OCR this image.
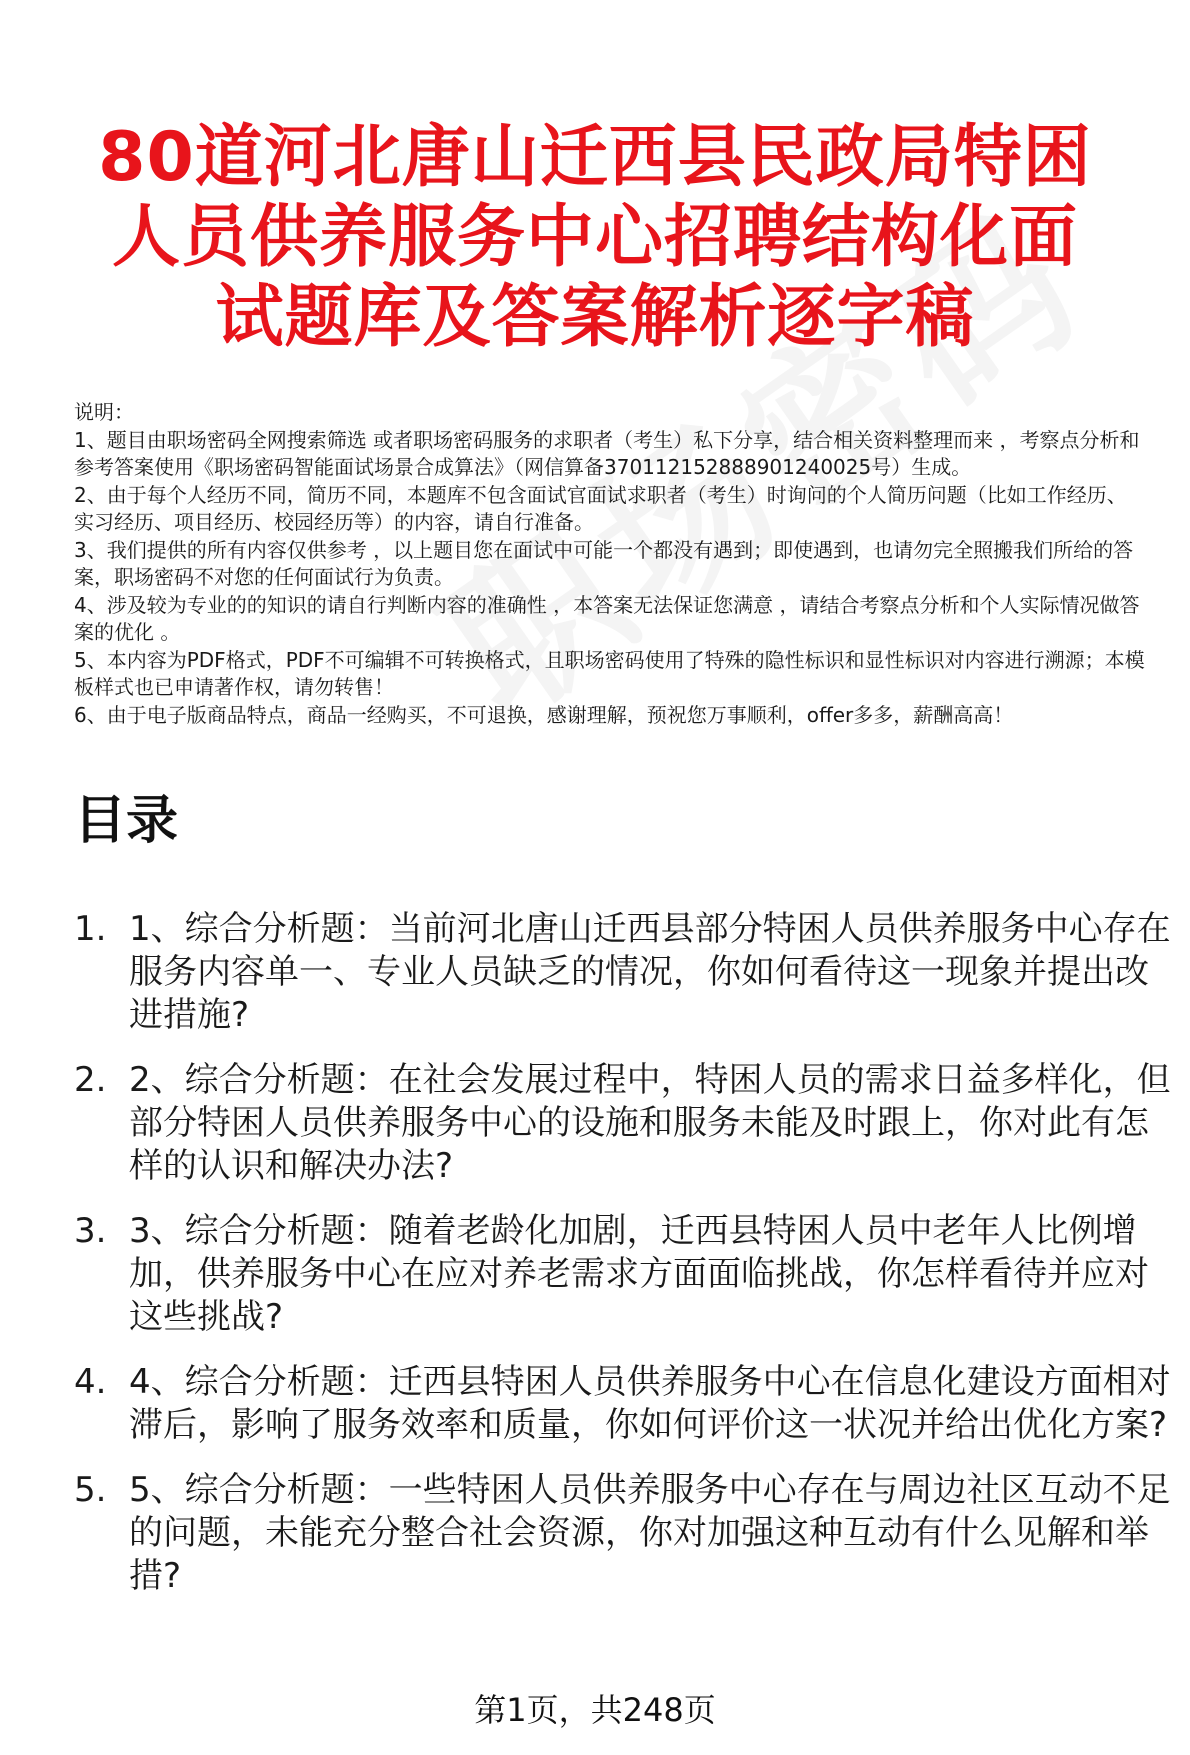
80道河北唐山迁西县民政局特困人员供养服务中心招聘结构化面试题库及答案解析逐字稿

说明：

1、题目由职场密码全网搜索筛选 或者职场密码服务的求职者（考生）私下分享，结合相关资料整理而来 ，考察点分析和参考答案使用《职场密码智能面试场景合成算法》（网信算备370112152888901240025号）生成。

2、由于每个人经历不同，简历不同，本题库不包含面试官面试求职者（考生）时询问的个人简历问题（比如工作经历、实习经历、项目经历、校园经历等）的内容，请自行准备。

3、我们提供的所有内容仅供参考 ，以上题目您在面试中可能一个都没有遇到；即使遇到，也请勿完全照搬我们所给的答案，职场密码不对您的任何面试行为负责。

4、涉及较为专业的的知识的请自行判断内容的准确性 ，本答案无法保证您满意 ，请结合考察点分析和个人实际情况做答案的优化 。

5、本内容为PDF格式，PDF不可编辑不可转换格式，且职场密码使用了特殊的隐性标识和显性标识对内容进行溯源；本模板样式也已申请著作权，请勿转售！

6、由于电子版商品特点，商品一经购买，不可退换，感谢理解，预祝您万事顺利，offer多多，薪酬高高！

目录
1. 1、综合分析题：当前河北唐山迁西县部分特困人员供养服务中心存在服务内容单一、专业人员缺乏的情况，你如何看待这一现象并提出改进措施?
2. 2、综合分析题：在社会发展过程中，特困人员的需求日益多样化，但部分特困人员供养服务中心的设施和服务未能及时跟上，你对此有怎样的认识和解决办法?
3. 3、综合分析题：随着老龄化加剧，迁西县特困人员中老年人比例增加，供养服务中心在应对养老需求方面面临挑战，你怎样看待并应对这些挑战?
4. 4、综合分析题：迁西县特困人员供养服务中心在信息化建设方面相对滞后，影响了服务效率和质量，你如何评价这一状况并给出优化方案?
5. 5、综合分析题：一些特困人员供养服务中心存在与周边社区互动不足的问题，未能充分整合社会资源，你对加强这种互动有什么见解和举措?
第1页，共248页
